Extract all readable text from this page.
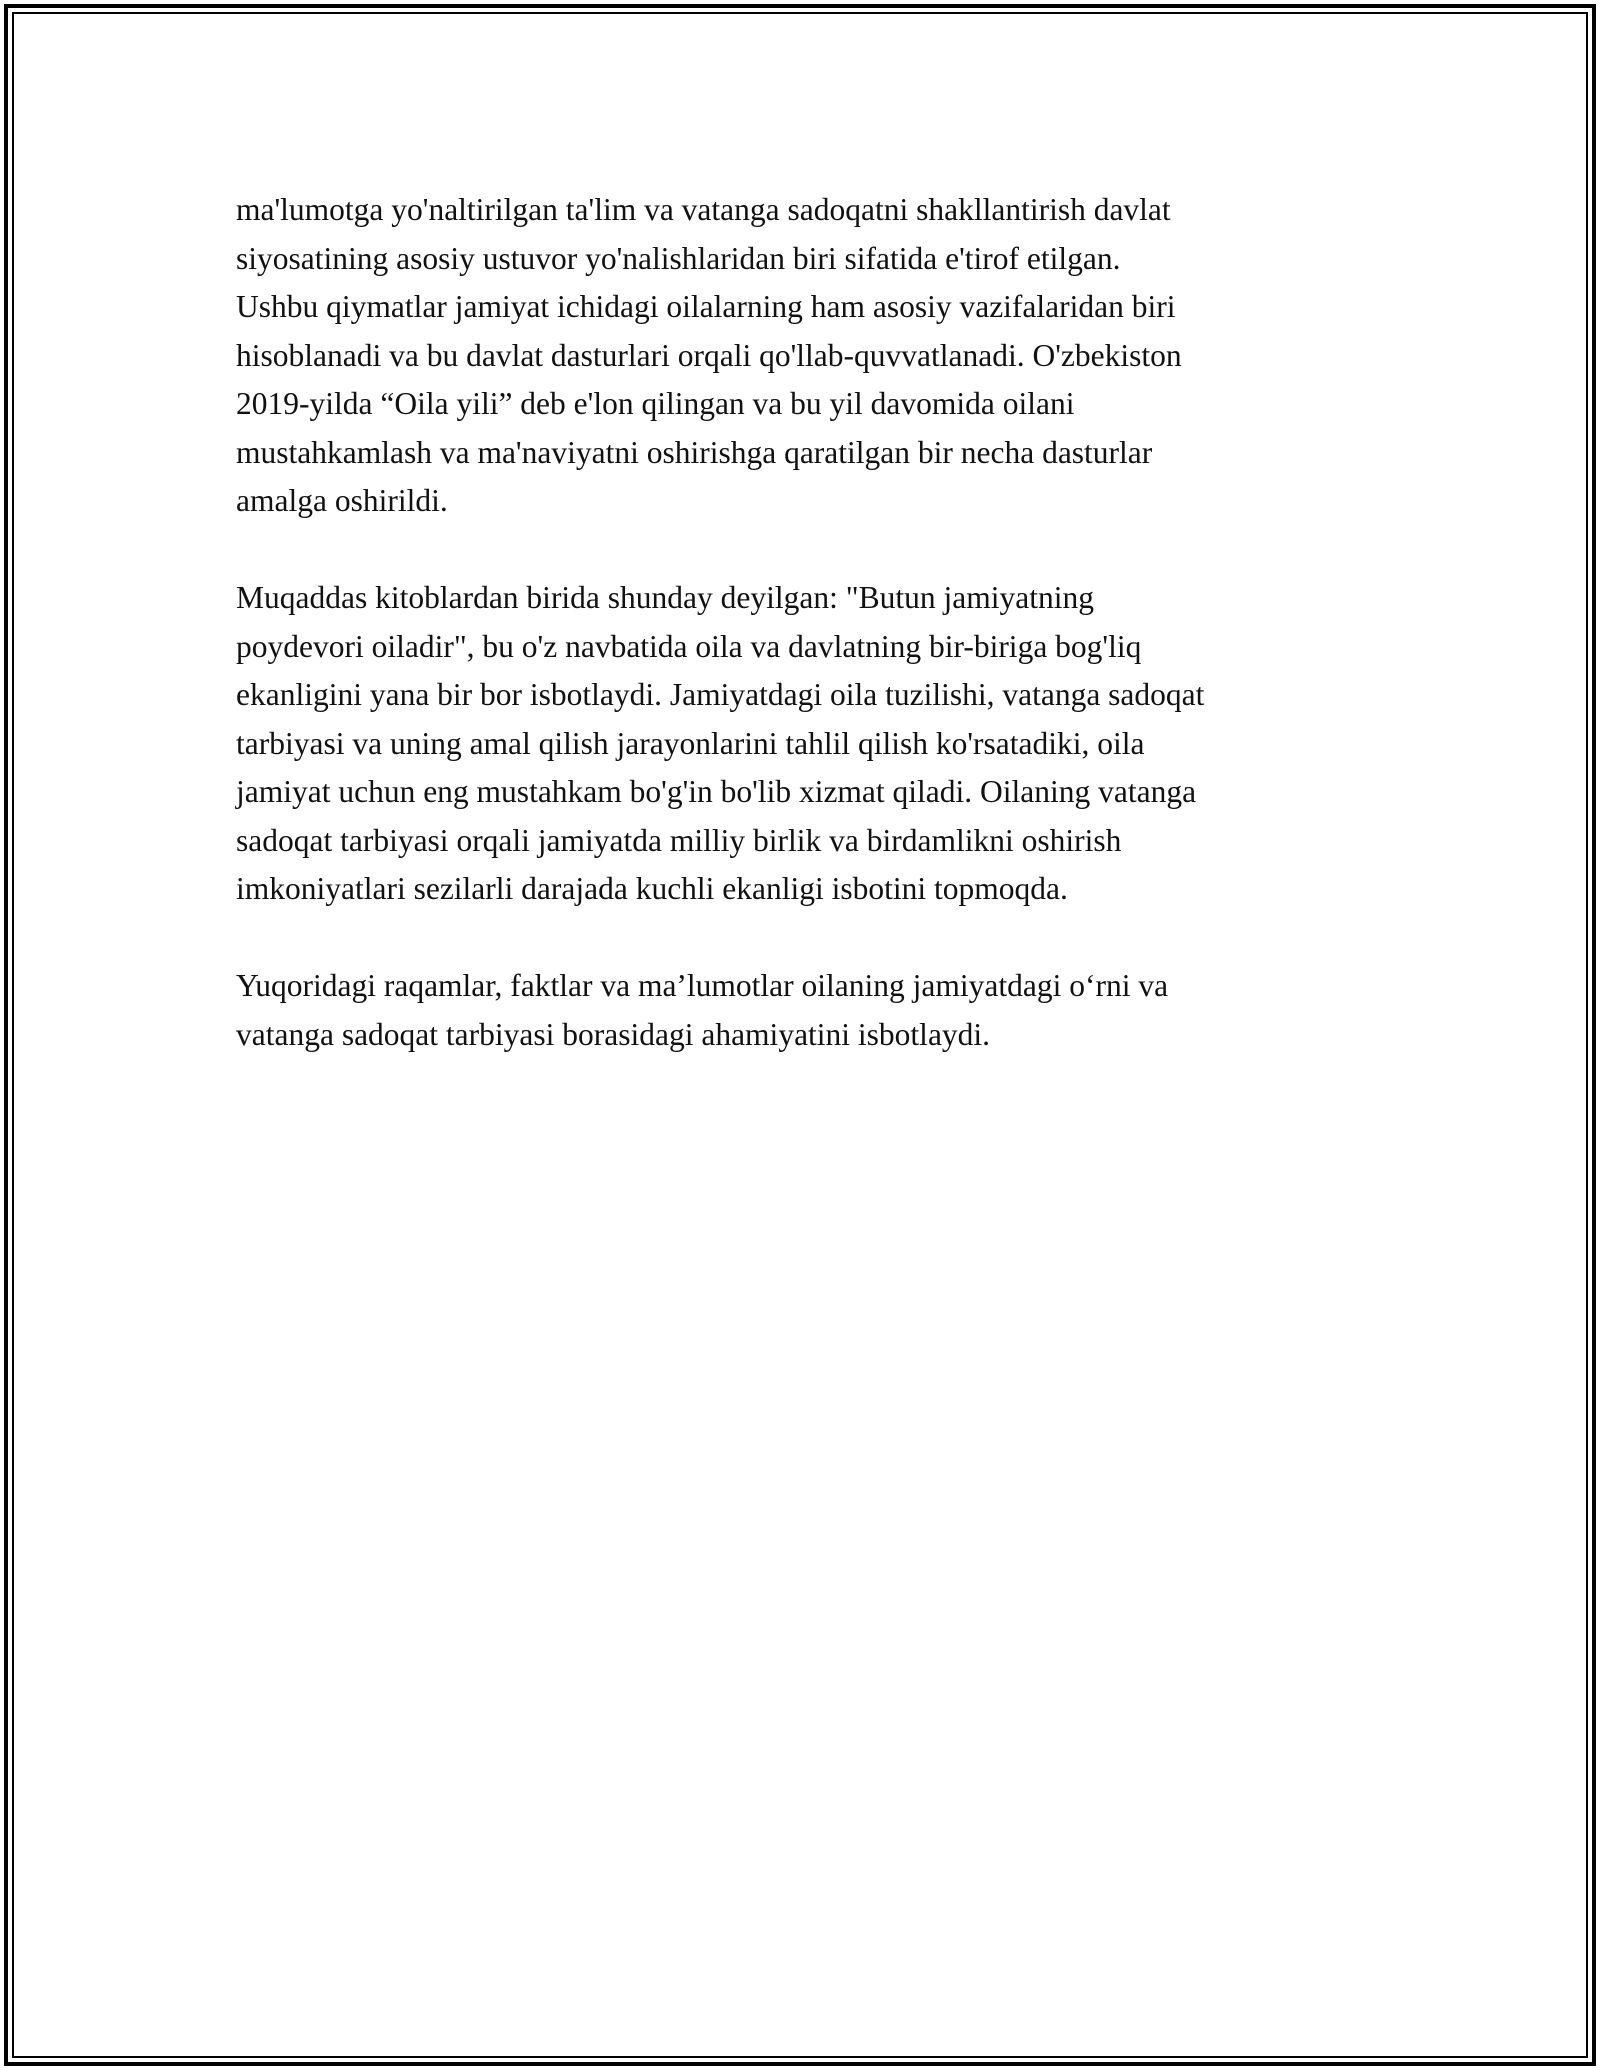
ma'lumotga yo'naltirilgan ta'lim va vatanga sadoqatni shakllantirish davlat
siyosatining asosiy ustuvor yo'nalishlaridan biri sifatida e'tirof etilgan.
Ushbu qiymatlar jamiyat ichidagi oilalarning ham asosiy vazifalaridan biri
hisoblanadi va bu davlat dasturlari orqali qo'llab-quvvatlanadi. O'zbekiston
2019-yilda “Oila yili” deb e'lon qilingan va bu yil davomida oilani
mustahkamlash va ma'naviyatni oshirishga qaratilgan bir necha dasturlar
amalga oshirildi.

Muqaddas kitoblardan birida shunday deyilgan: "Butun jamiyatning
poydevori oiladir", bu o'z navbatida oila va davlatning bir-biriga bog'liq
ekanligini yana bir bor isbotlaydi. Jamiyatdagi oila tuzilishi, vatanga sadoqat
tarbiyasi va uning amal qilish jarayonlarini tahlil qilish ko'rsatadiki, oila
jamiyat uchun eng mustahkam bo'g'in bo'lib xizmat qiladi. Oilaning vatanga
sadoqat tarbiyasi orqali jamiyatda milliy birlik va birdamlikni oshirish
imkoniyatlari sezilarli darajada kuchli ekanligi isbotini topmoqda.

Yuqoridagi raqamlar, faktlar va ma’lumotlar oilaning jamiyatdagi o‘rni va
vatanga sadoqat tarbiyasi borasidagi ahamiyatini isbotlaydi.
